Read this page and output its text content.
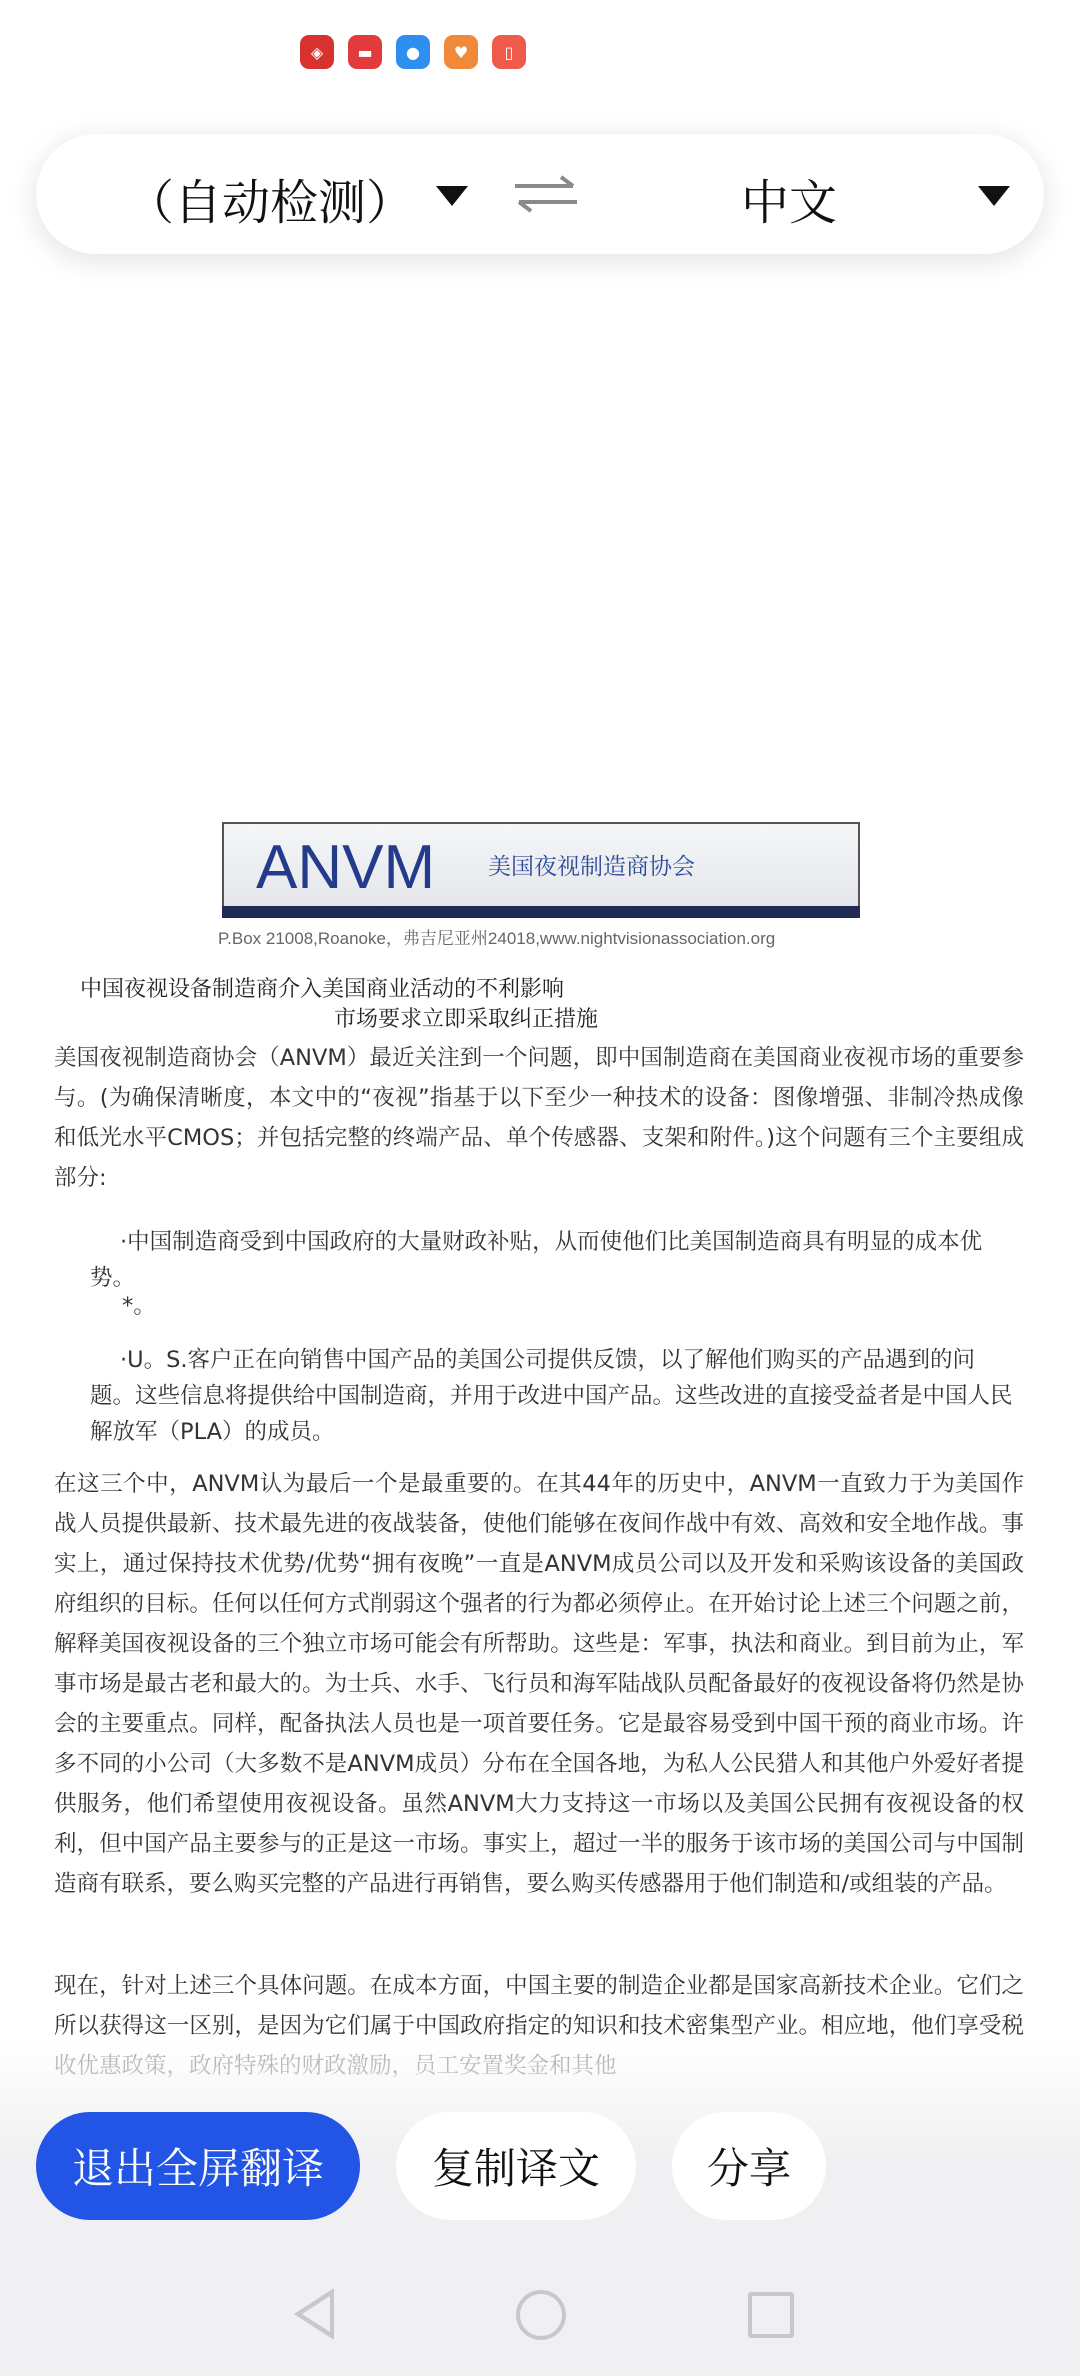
◈	▬	●	♥	▯
（自动检测）	中文
ANVM 美国夜视制造商协会
P.Box 21008,Roanoke，弗吉尼亚州24018,www.nightvisionassociation.org
中国夜视设备制造商介入美国商业活动的不利影响
市场要求立即采取纠正措施
美国夜视制造商协会（ANVM）最近关注到一个问题，即中国制造商在美国商业夜视市场的重要参与。(为确保清晰度，本文中的“夜视”指基于以下至少一种技术的设备：图像增强、非制冷热成像和低光水平CMOS；并包括完整的终端产品、单个传感器、支架和附件。)这个问题有三个主要组成部分:
·中国制造商受到中国政府的大量财政补贴，从而使他们比美国制造商具有明显的成本优势。
*。
·U。S.客户正在向销售中国产品的美国公司提供反馈，以了解他们购买的产品遇到的问题。这些信息将提供给中国制造商，并用于改进中国产品。这些改进的直接受益者是中国人民解放军（PLA）的成员。
在这三个中，ANVM认为最后一个是最重要的。在其44年的历史中，ANVM一直致力于为美国作战人员提供最新、技术最先进的夜战装备，使他们能够在夜间作战中有效、高效和安全地作战。事实上，通过保持技术优势/优势“拥有夜晚”一直是ANVM成员公司以及开发和采购该设备的美国政府组织的目标。任何以任何方式削弱这个强者的行为都必须停止。在开始讨论上述三个问题之前，解释美国夜视设备的三个独立市场可能会有所帮助。这些是：军事，执法和商业。到目前为止，军事市场是最古老和最大的。为士兵、水手、飞行员和海军陆战队员配备最好的夜视设备将仍然是协会的主要重点。同样，配备执法人员也是一项首要任务。它是最容易受到中国干预的商业市场。许多不同的小公司（大多数不是ANVM成员）分布在全国各地，为私人公民猎人和其他户外爱好者提供服务，他们希望使用夜视设备。虽然ANVM大力支持这一市场以及美国公民拥有夜视设备的权利，但中国产品主要参与的正是这一市场。事实上，超过一半的服务于该市场的美国公司与中国制造商有联系，要么购买完整的产品进行再销售，要么购买传感器用于他们制造和/或组装的产品。
现在，针对上述三个具体问题。在成本方面，中国主要的制造企业都是国家高新技术企业。它们之所以获得这一区别，是因为它们属于中国政府指定的知识和技术密集型产业。相应地，他们享受税
退出全屏翻译	复制译文	分享
